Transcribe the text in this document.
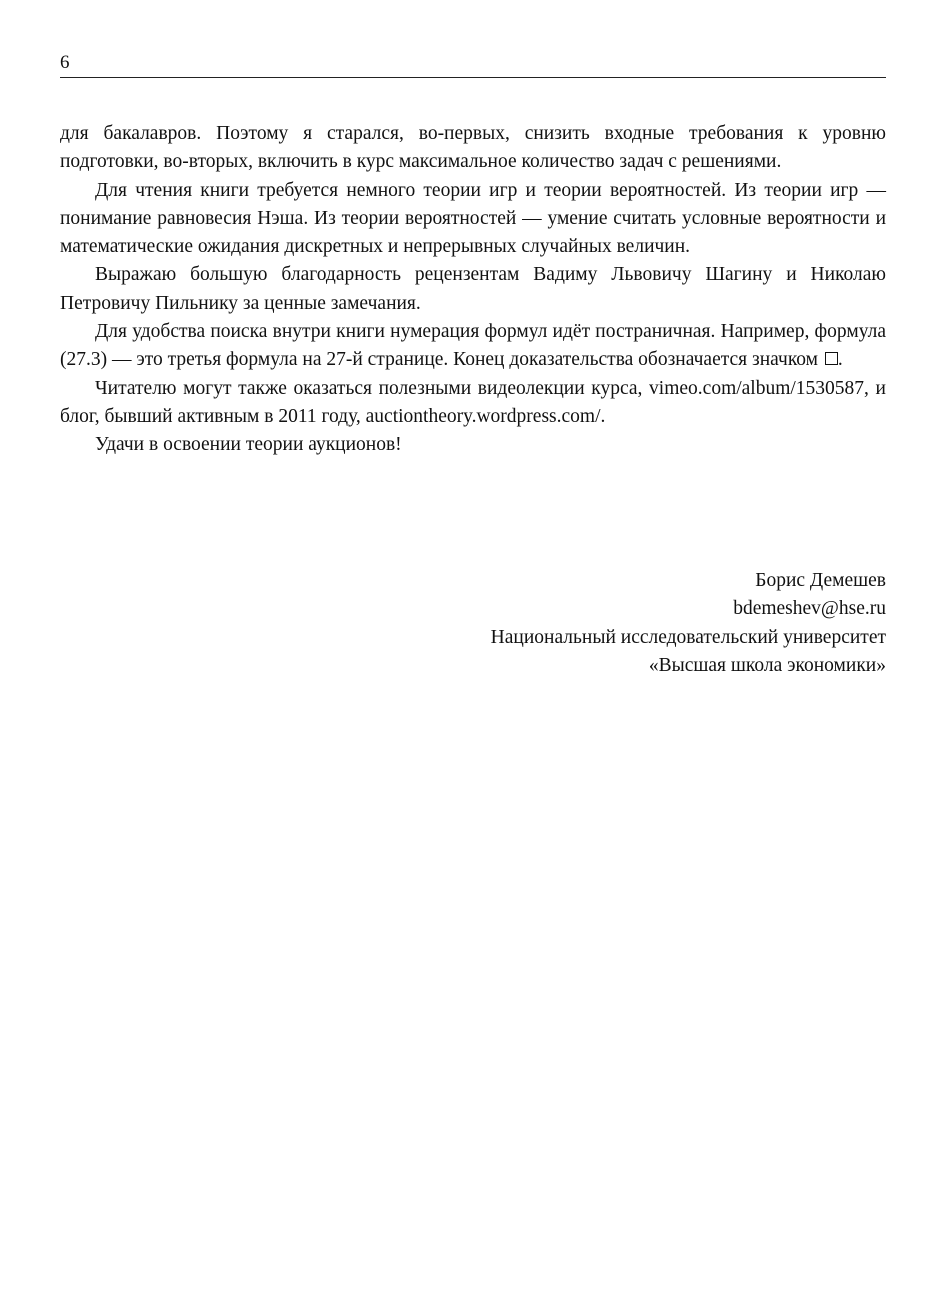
6

для бакалавров. Поэтому я старался, во-первых, снизить входные требования к уровню подготовки, во-вторых, включить в курс максимальное количество задач с решениями.

Для чтения книги требуется немного теории игр и теории вероятностей. Из теории игр — понимание равновесия Нэша. Из теории вероятностей — умение считать условные вероятности и математические ожидания дискретных и непрерывных случайных величин.

Выражаю большую благодарность рецензентам Вадиму Львовичу Шагину и Николаю Петровичу Пильнику за ценные замечания.

Для удобства поиска внутри книги нумерация формул идёт постраничная. Например, формула (27.3) — это третья формула на 27-й странице. Конец доказательства обозначается значком .

Читателю могут также оказаться полезными видеолекции курса, vimeo.com/album/1530587, и блог, бывший активным в 2011 году, auctiontheory.wordpress.com/.

Удачи в освоении теории аукционов!

Борис Демешев
bdemeshev@hse.ru
Национальный исследовательский университет
«Высшая школа экономики»
